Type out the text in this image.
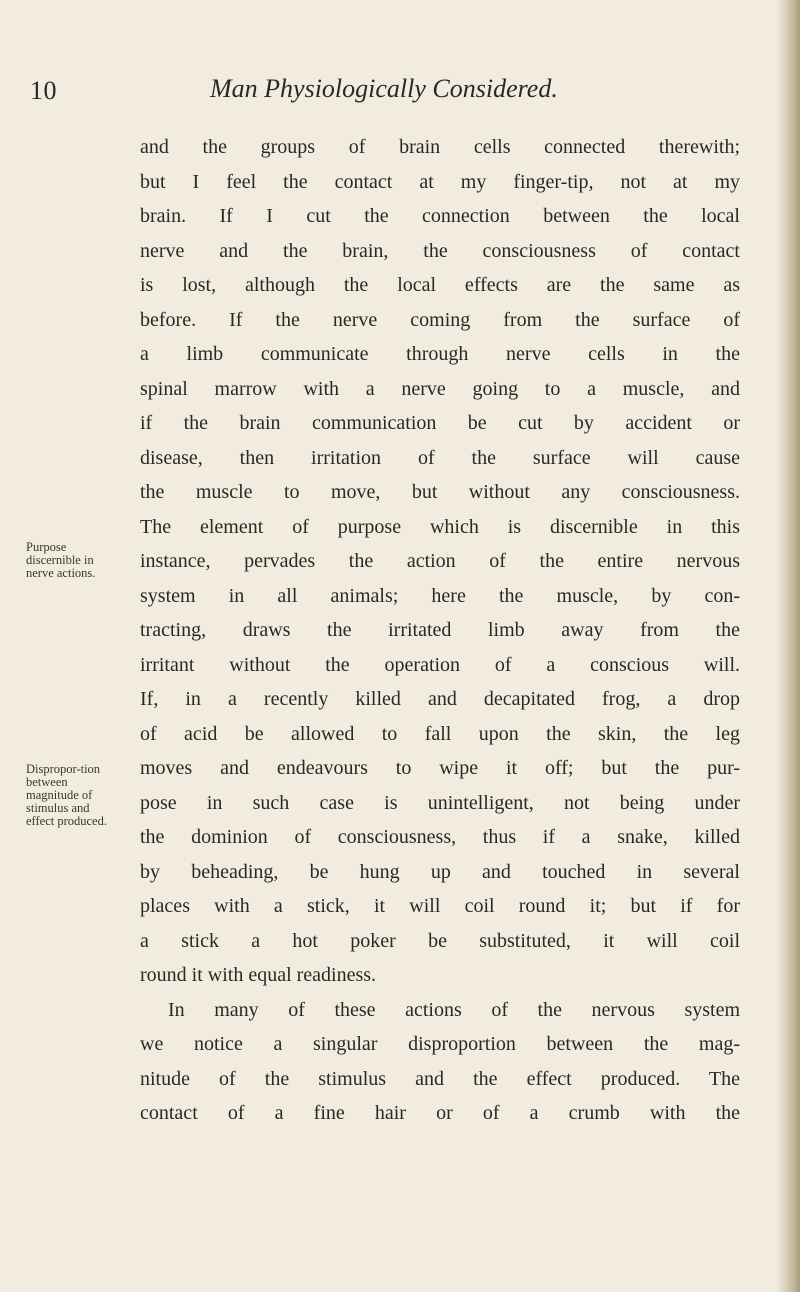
10	Man Physiologically Considered.
Purpose discernible in nerve actions.
Dispropor-tion between magnitude of stimulus and effect produced.
and the groups of brain cells connected therewith;
but I feel the contact at my finger-tip, not at my
brain. If I cut the connection between the local
nerve and the brain, the consciousness of contact
is lost, although the local effects are the same as
before. If the nerve coming from the surface of
a limb communicate through nerve cells in the
spinal marrow with a nerve going to a muscle, and
if the brain communication be cut by accident or
disease, then irritation of the surface will cause
the muscle to move, but without any consciousness.
The element of purpose which is discernible in this
instance, pervades the action of the entire nervous
system in all animals; here the muscle, by con-
tracting, draws the irritated limb away from the
irritant without the operation of a conscious will.
If, in a recently killed and decapitated frog, a drop
of acid be allowed to fall upon the skin, the leg
moves and endeavours to wipe it off; but the pur-
pose in such case is unintelligent, not being under
the dominion of consciousness, thus if a snake, killed
by beheading, be hung up and touched in several
places with a stick, it will coil round it; but if for
a stick a hot poker be substituted, it will coil
round it with equal readiness.
In many of these actions of the nervous system
we notice a singular disproportion between the mag-
nitude of the stimulus and the effect produced. The
contact of a fine hair or of a crumb with the
